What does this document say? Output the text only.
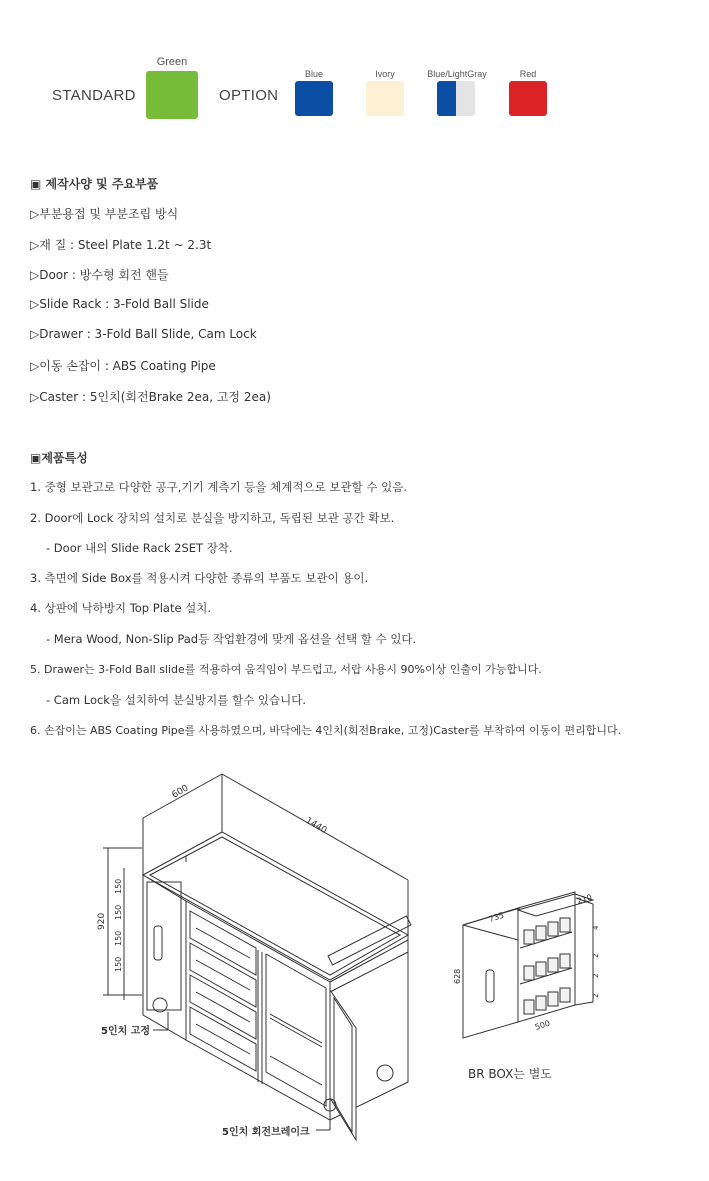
STANDARD
Green
OPTION
Blue	Ivory	Blue/LightGray	Red
▣ 제작사양 및 주요부품
▷부분용접 및 부분조립 방식
▷재 질 : Steel Plate 1.2t ~ 2.3t
▷Door : 방수형 회전 핸들
▷Slide Rack : 3-Fold Ball Slide
▷Drawer : 3-Fold Ball Slide, Cam Lock
▷이동 손잡이 : ABS Coating Pipe
▷Caster : 5인치(회전Brake 2ea, 고정 2ea)
▣제품특성
1. 중형 보관고로 다양한 공구,기기 계측기 등을 체계적으로 보관할 수 있음.
2. Door에 Lock 장치의 설치로 분실을 방지하고, 독립된 보관 공간 확보.
- Door 내의 Slide Rack 2SET 장착.
3. 측면에 Side Box를 적용시켜 다양한 종류의 부품도 보관이 용이.
4. 상판에 낙하방지 Top Plate 설치.
- Mera Wood, Non-Slip Pad등 작업환경에 맞게 옵션을 선택 할 수 있다.
5. Drawer는 3-Fold Ball slide를 적용하여 움직임이 부드럽고, 서랍 사용시 90%이상 인출이 가능합니다.
- Cam Lock을 설치하여 분실방지를 할수 있습니다.
6. 손잡이는 ABS Coating Pipe를 사용하였으며, 바닥에는 4인치(회전Brake, 고정)Caster를 부착하여 이동이 편리합니다.
600
1440
920
150
150
150
150
5인치 고정
5인치 회전브레이크
735
210
628
500
4
2
2
2
BR BOX는 별도
